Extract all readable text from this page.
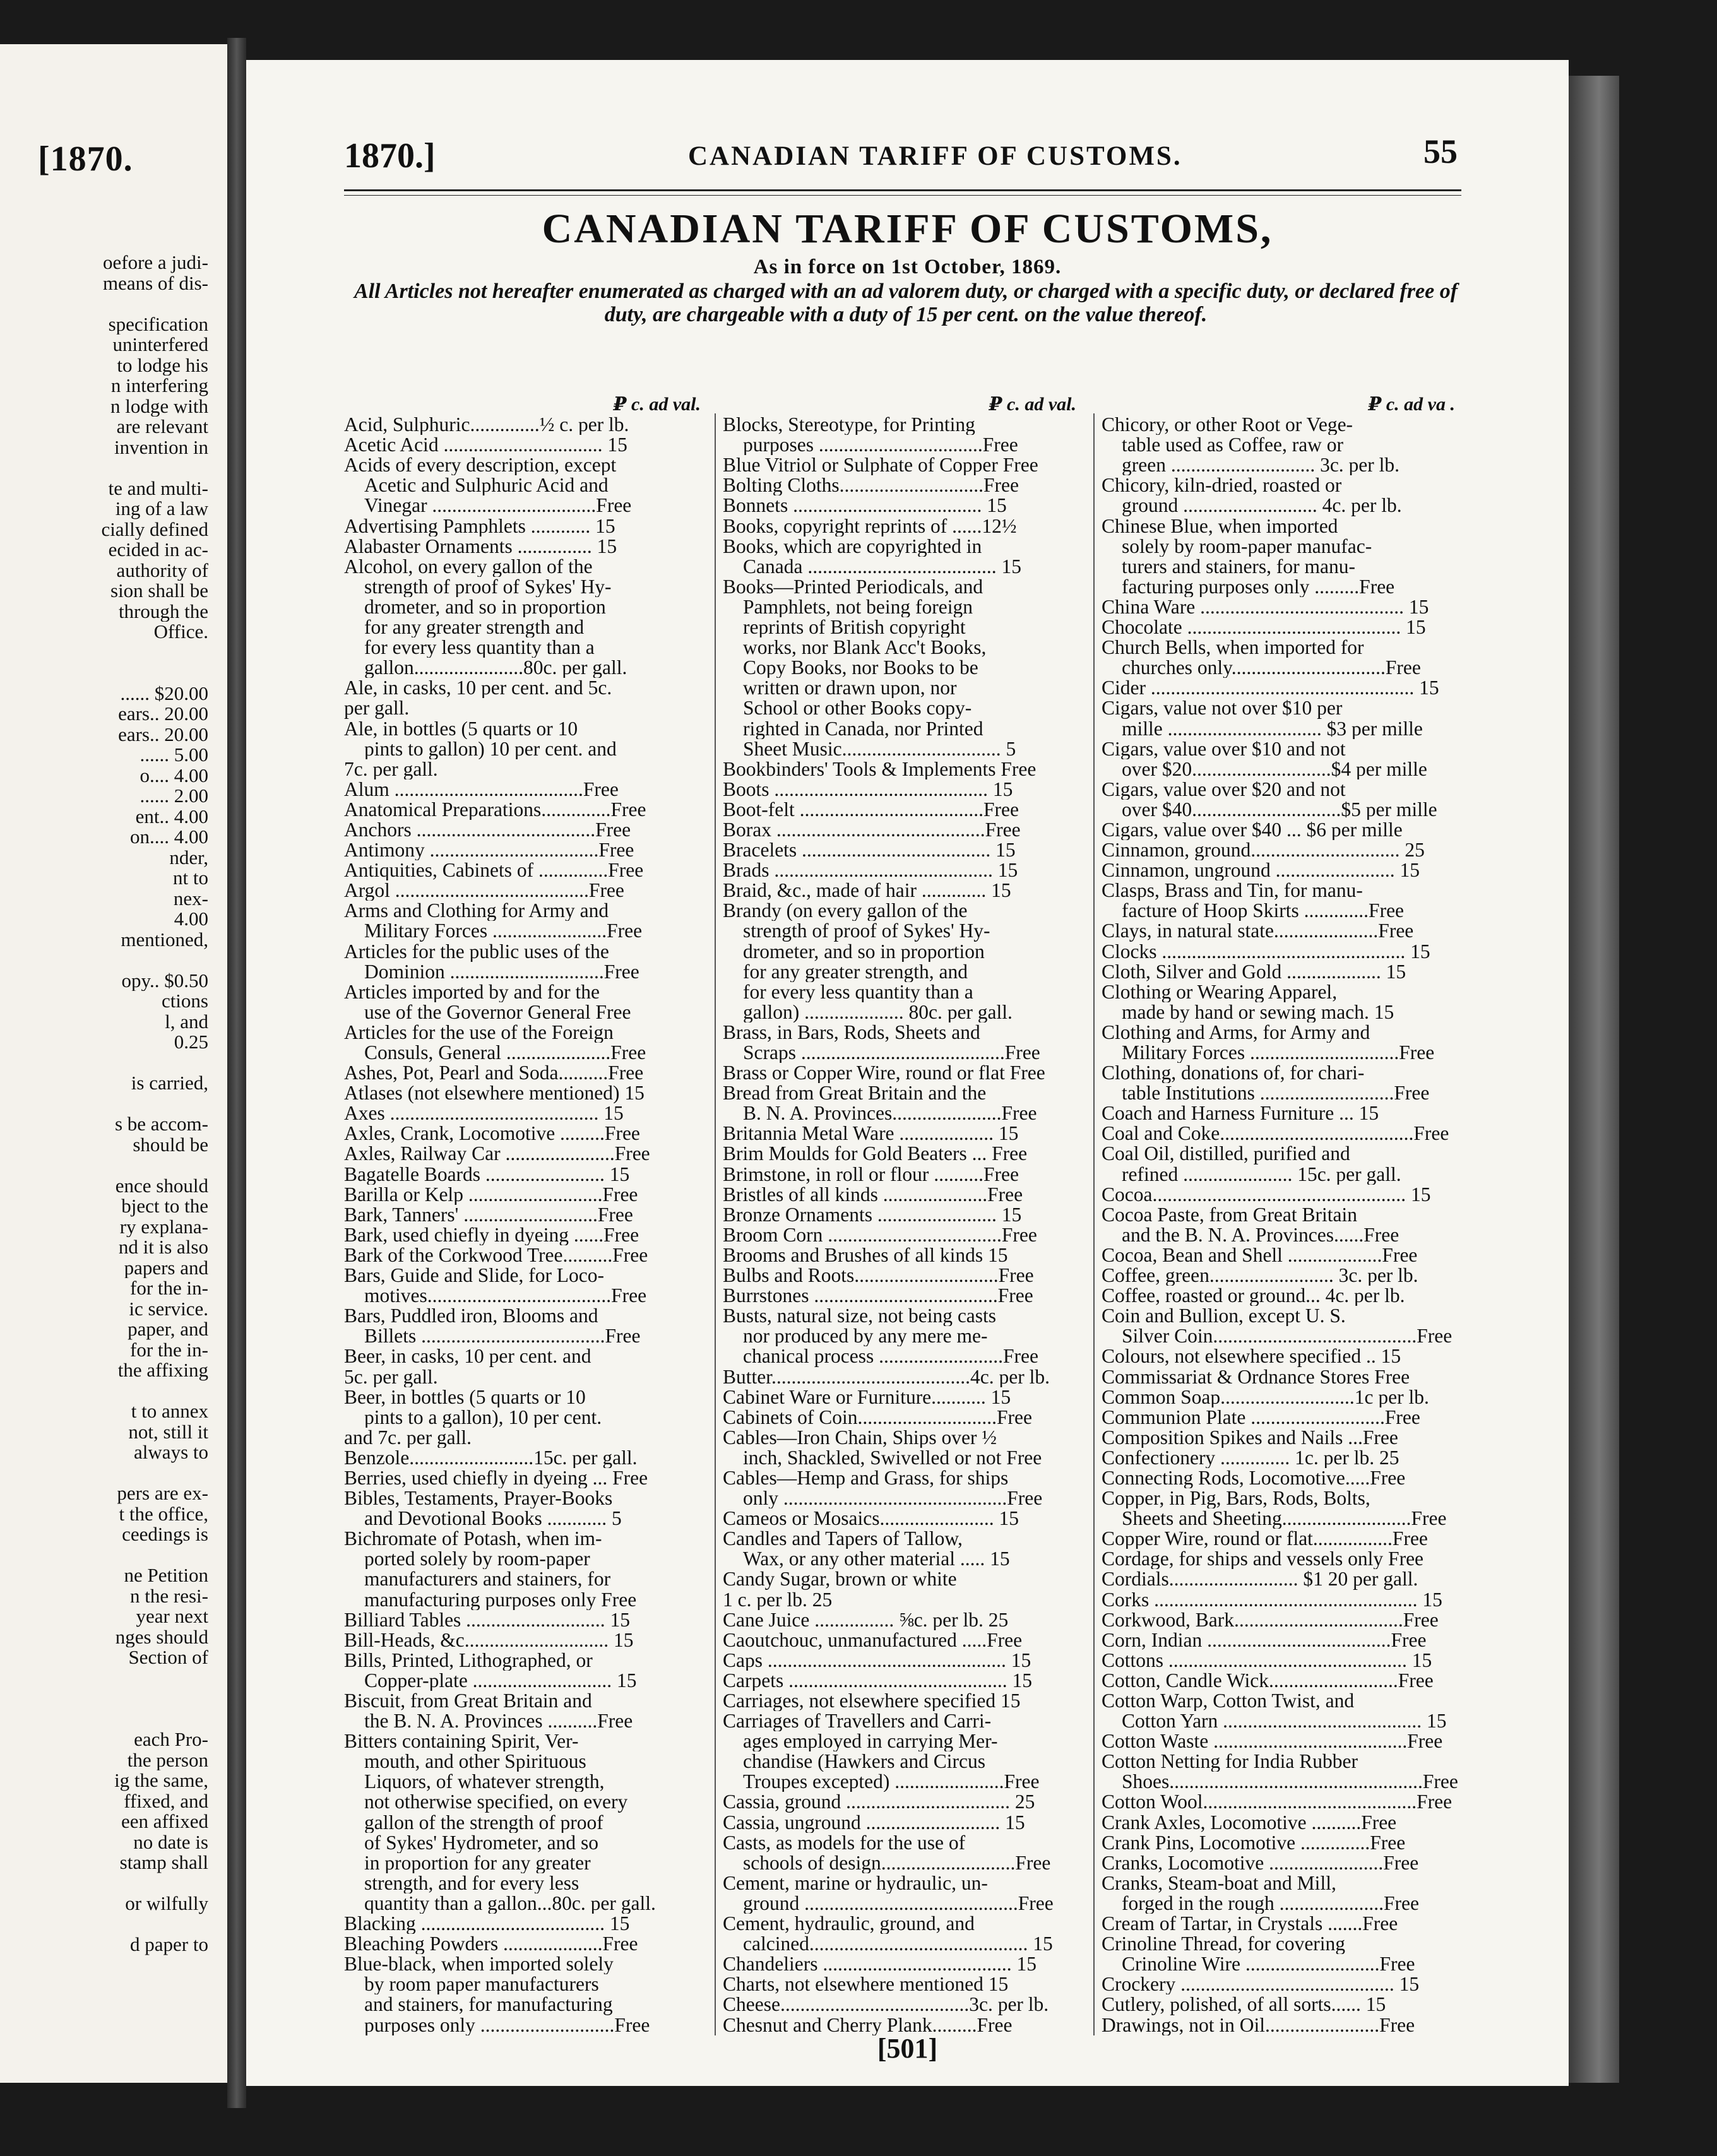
[1870.
oefore a judi-
means of dis-

specification
uninterfered
to lodge his
n interfering
n lodge with
are relevant
invention in

te and multi-
ing of a law
cially defined
ecided in ac-
authority of
sion shall be
through the
Office.

...... $20.00
ears.. 20.00
ears.. 20.00
...... 5.00
o.... 4.00
...... 2.00
ent.. 4.00
on.... 4.00
nder,
nt to
nex-
4.00
mentioned,

opy.. $0.50
ctions
l, and
0.25

is carried,

s be accom-
should be

ence should
bject to the
ry explana-
nd it is also
papers and
for the in-
ic service.
paper, and
for the in-
the affixing

t to annex
not, still it
always to

pers are ex-
t the office,
ceedings is

ne Petition
n the resi-
year next
nges should
Section of

each Pro-
the person
ig the same,
ffixed, and
een affixed
no date is
stamp shall

or wilfully

d paper to
1870.]	CANADIAN TARIFF OF CUSTOMS.	55
CANADIAN TARIFF OF CUSTOMS,
As in force on 1st October, 1869.
All Articles not hereafter enumerated as charged with an ad valorem duty, or charged with a specific duty, or declared free of duty, are chargeable with a duty of 15 per cent. on the value thereof.
₽ c. ad val.
Acid, Sulphuric..............½ c. per lb.
Acetic Acid ................................ 15
Acids of every description, except
Acetic and Sulphuric Acid and
Vinegar .................................Free
Advertising Pamphlets ............ 15
Alabaster Ornaments ............... 15
Alcohol, on every gallon of the
strength of proof of Sykes' Hy-
drometer, and so in proportion
for any greater strength and
for every less quantity than a
gallon......................80c. per gall.
Ale, in casks, 10 per cent. and 5c.
per gall.
Ale, in bottles (5 quarts or 10
pints to gallon) 10 per cent. and
7c. per gall.
Alum ......................................Free
Anatomical Preparations..............Free
Anchors ....................................Free
Antimony ..................................Free
Antiquities, Cabinets of ..............Free
Argol .......................................Free
Arms and Clothing for Army and
Military Forces .......................Free
Articles for the public uses of the
Dominion ...............................Free
Articles imported by and for the
use of the Governor General Free
Articles for the use of the Foreign
Consuls, General .....................Free
Ashes, Pot, Pearl and Soda..........Free
Atlases (not elsewhere mentioned) 15
Axes .......................................... 15
Axles, Crank, Locomotive .........Free
Axles, Railway Car ......................Free
Bagatelle Boards ........................ 15
Barilla or Kelp ...........................Free
Bark, Tanners' ...........................Free
Bark, used chiefly in dyeing ......Free
Bark of the Corkwood Tree..........Free
Bars, Guide and Slide, for Loco-
motives.....................................Free
Bars, Puddled iron, Blooms and
Billets .....................................Free
Beer, in casks, 10 per cent. and
5c. per gall.
Beer, in bottles (5 quarts or 10
pints to a gallon), 10 per cent.
and 7c. per gall.
Benzole.........................15c. per gall.
Berries, used chiefly in dyeing ... Free
Bibles, Testaments, Prayer-Books
and Devotional Books ............ 5
Bichromate of Potash, when im-
ported solely by room-paper
manufacturers and stainers, for
manufacturing purposes only Free
Billiard Tables ............................ 15
Bill-Heads, &c............................. 15
Bills, Printed, Lithographed, or
Copper-plate ............................ 15
Biscuit, from Great Britain and
the B. N. A. Provinces ..........Free
Bitters containing Spirit, Ver-
mouth, and other Spirituous
Liquors, of whatever strength,
not otherwise specified, on every
gallon of the strength of proof
of Sykes' Hydrometer, and so
in proportion for any greater
strength, and for every less
quantity than a gallon...80c. per gall.
Blacking ..................................... 15
Bleaching Powders ....................Free
Blue-black, when imported solely
by room paper manufacturers
and stainers, for manufacturing
purposes only ...........................Free
₽ c. ad val.
Blocks, Stereotype, for Printing
purposes .................................Free
Blue Vitriol or Sulphate of Copper Free
Bolting Cloths.............................Free
Bonnets ...................................... 15
Books, copyright reprints of ......12½
Books, which are copyrighted in
Canada ...................................... 15
Books—Printed Periodicals, and
Pamphlets, not being foreign
reprints of British copyright
works, nor Blank Acc't Books,
Copy Books, nor Books to be
written or drawn upon, nor
School or other Books copy-
righted in Canada, nor Printed
Sheet Music................................ 5
Bookbinders' Tools & Implements Free
Boots ........................................... 15
Boot-felt .....................................Free
Borax ..........................................Free
Bracelets ...................................... 15
Brads ............................................ 15
Braid, &c., made of hair ............. 15
Brandy (on every gallon of the
strength of proof of Sykes' Hy-
drometer, and so in proportion
for any greater strength, and
for every less quantity than a
gallon) .................... 80c. per gall.
Brass, in Bars, Rods, Sheets and
Scraps .........................................Free
Brass or Copper Wire, round or flat Free
Bread from Great Britain and the
B. N. A. Provinces......................Free
Britannia Metal Ware ................... 15
Brim Moulds for Gold Beaters ... Free
Brimstone, in roll or flour ..........Free
Bristles of all kinds .....................Free
Bronze Ornaments ........................ 15
Broom Corn ...................................Free
Brooms and Brushes of all kinds 15
Bulbs and Roots.............................Free
Burrstones .....................................Free
Busts, natural size, not being casts
nor produced by any mere me-
chanical process .........................Free
Butter........................................4c. per lb.
Cabinet Ware or Furniture........... 15
Cabinets of Coin............................Free
Cables—Iron Chain, Ships over ½
inch, Shackled, Swivelled or not Free
Cables—Hemp and Grass, for ships
only .............................................Free
Cameos or Mosaics....................... 15
Candles and Tapers of Tallow,
Wax, or any other material ..... 15
Candy Sugar, brown or white
1 c. per lb. 25
Cane Juice ................ ⅝c. per lb. 25
Caoutchouc, unmanufactured .....Free
Caps ................................................ 15
Carpets ............................................ 15
Carriages, not elsewhere specified 15
Carriages of Travellers and Carri-
ages employed in carrying Mer-
chandise (Hawkers and Circus
Troupes excepted) ......................Free
Cassia, ground ................................. 25
Cassia, unground ........................... 15
Casts, as models for the use of
schools of design...........................Free
Cement, marine or hydraulic, un-
ground ...........................................Free
Cement, hydraulic, ground, and
calcined............................................ 15
Chandeliers ...................................... 15
Charts, not elsewhere mentioned 15
Cheese......................................3c. per lb.
Chesnut and Cherry Plank.........Free
₽ c. ad va .
Chicory, or other Root or Vege-
table used as Coffee, raw or
green ............................. 3c. per lb.
Chicory, kiln-dried, roasted or
ground ........................... 4c. per lb.
Chinese Blue, when imported
solely by room-paper manufac-
turers and stainers, for manu-
facturing purposes only .........Free
China Ware ......................................... 15
Chocolate ........................................... 15
Church Bells, when imported for
churches only...............................Free
Cider ..................................................... 15
Cigars, value not over $10 per
mille ............................... $3 per mille
Cigars, value over $10 and not
over $20............................$4 per mille
Cigars, value over $20 and not
over $40..............................$5 per mille
Cigars, value over $40 ... $6 per mille
Cinnamon, ground.............................. 25
Cinnamon, unground ........................ 15
Clasps, Brass and Tin, for manu-
facture of Hoop Skirts .............Free
Clays, in natural state.....................Free
Clocks ................................................. 15
Cloth, Silver and Gold ................... 15
Clothing or Wearing Apparel,
made by hand or sewing mach. 15
Clothing and Arms, for Army and
Military Forces ..............................Free
Clothing, donations of, for chari-
table Institutions ...........................Free
Coach and Harness Furniture ... 15
Coal and Coke.......................................Free
Coal Oil, distilled, purified and
refined ...................... 15c. per gall.
Cocoa................................................... 15
Cocoa Paste, from Great Britain
and the B. N. A. Provinces......Free
Cocoa, Bean and Shell ...................Free
Coffee, green......................... 3c. per lb.
Coffee, roasted or ground... 4c. per lb.
Coin and Bullion, except U. S.
Silver Coin.........................................Free
Colours, not elsewhere specified .. 15
Commissariat & Ordnance Stores Free
Common Soap...........................1c per lb.
Communion Plate ...........................Free
Composition Spikes and Nails ...Free
Confectionery .............. 1c. per lb. 25
Connecting Rods, Locomotive.....Free
Copper, in Pig, Bars, Rods, Bolts,
Sheets and Sheeting..........................Free
Copper Wire, round or flat................Free
Cordage, for ships and vessels only Free
Cordials.......................... $1 20 per gall.
Corks ..................................................... 15
Corkwood, Bark..................................Free
Corn, Indian .....................................Free
Cottons ................................................ 15
Cotton, Candle Wick..........................Free
Cotton Warp, Cotton Twist, and
Cotton Yarn ........................................ 15
Cotton Waste .......................................Free
Cotton Netting for India Rubber
Shoes...................................................Free
Cotton Wool...........................................Free
Crank Axles, Locomotive ..........Free
Crank Pins, Locomotive ..............Free
Cranks, Locomotive .......................Free
Cranks, Steam-boat and Mill,
forged in the rough .....................Free
Cream of Tartar, in Crystals .......Free
Crinoline Thread, for covering
Crinoline Wire ...........................Free
Crockery ........................................... 15
Cutlery, polished, of all sorts...... 15
Drawings, not in Oil.......................Free
[501]
